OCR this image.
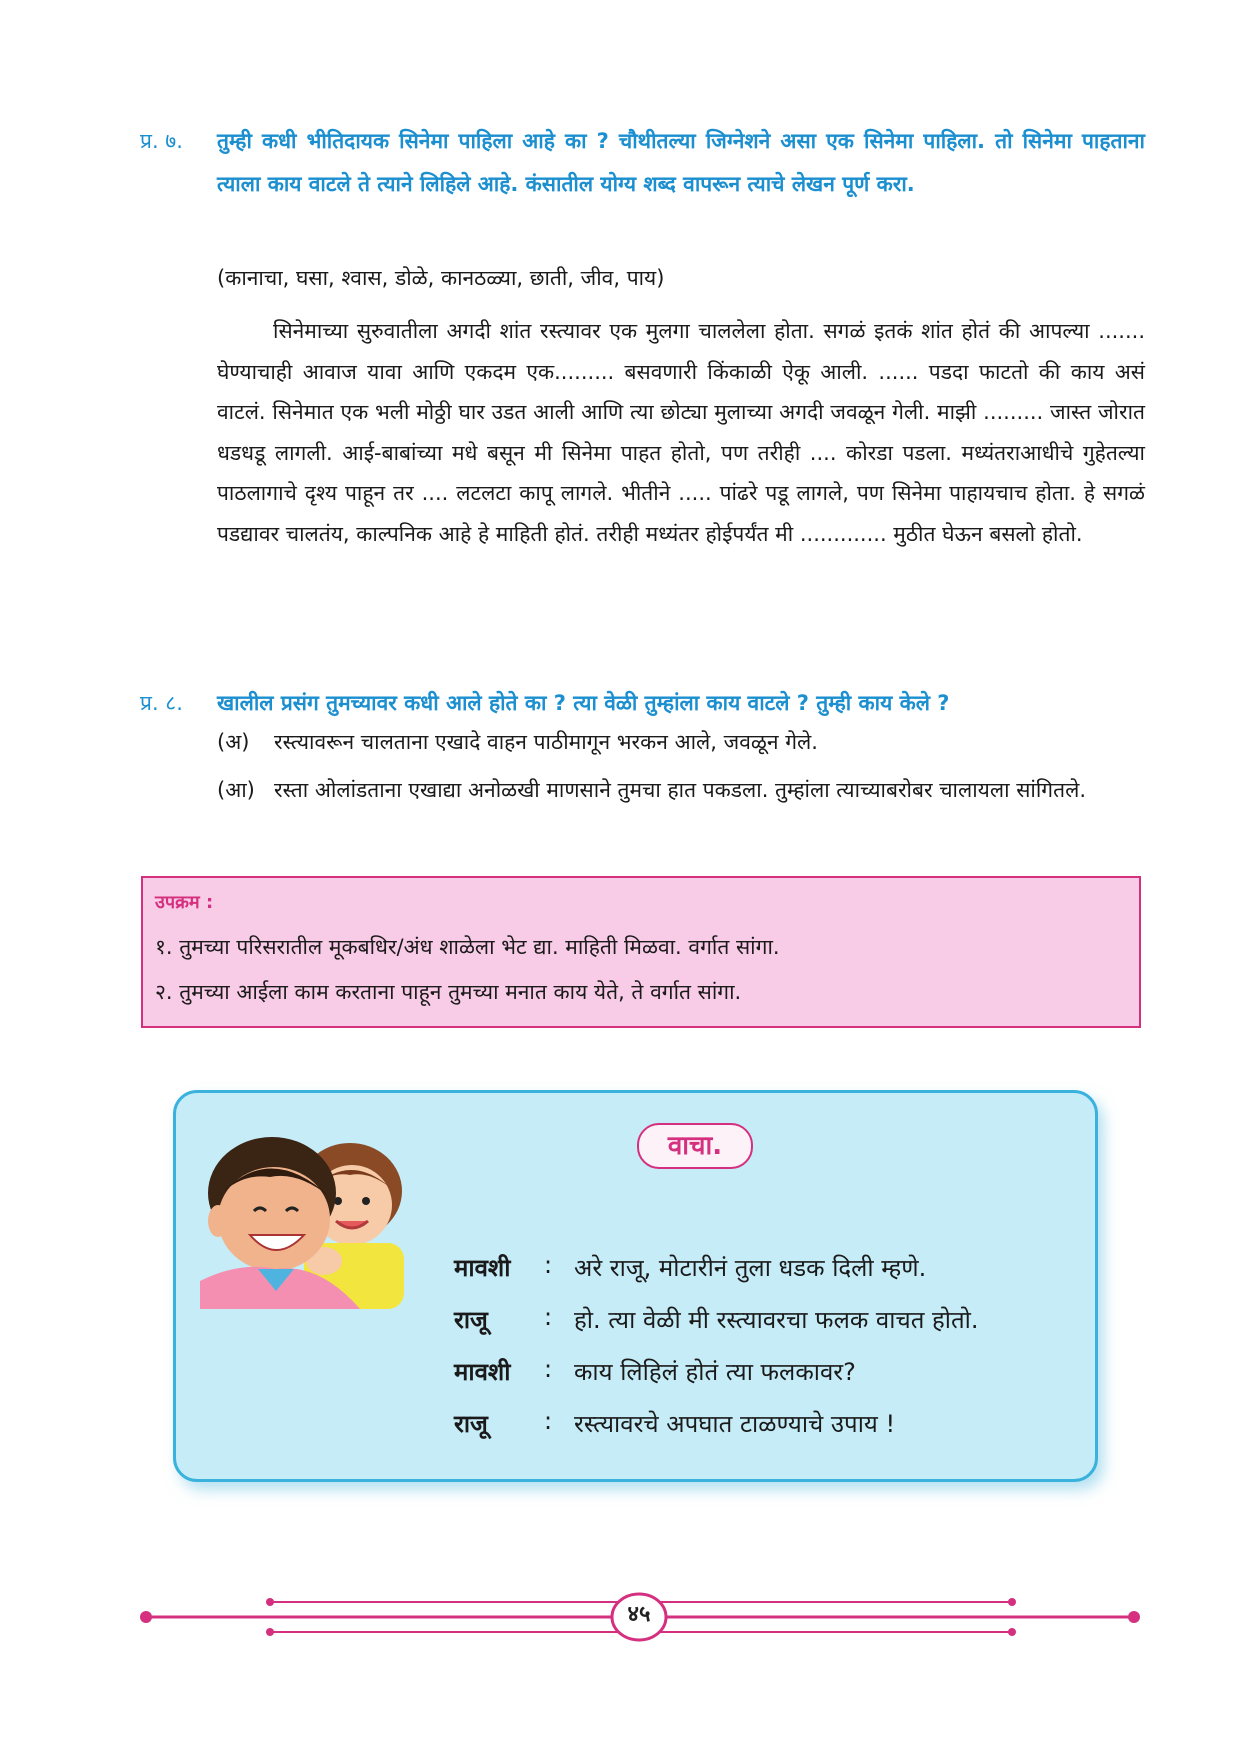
प्र. ७.	तुम्ही कधी भीतिदायक सिनेमा पाहिला आहे का ? चौथीतल्या जिग्नेशने असा एक सिनेमा पाहिला. तो सिनेमा पाहताना त्याला काय वाटले ते त्याने लिहिले आहे. कंसातील योग्य शब्द वापरून त्याचे लेखन पूर्ण करा.
(कानाचा, घसा, श्वास, डोळे, कानठळ्या, छाती, जीव, पाय)
सिनेमाच्या सुरुवातीला अगदी शांत रस्त्यावर एक मुलगा चाललेला होता. सगळं इतकं शांत होतं की आपल्या ....... घेण्याचाही आवाज यावा आणि एकदम एक......... बसवणारी किंकाळी ऐकू आली. ...... पडदा फाटतो की काय असं वाटलं. सिनेमात एक भली मोठ्ठी घार उडत आली आणि त्या छोट्या मुलाच्या अगदी जवळून गेली. माझी ......... जास्त जोरात धडधडू लागली. आई-बाबांच्या मधे बसून मी सिनेमा पाहत होतो, पण तरीही .... कोरडा पडला. मध्यंतराआधीचे गुहेतल्या पाठलागाचे दृश्य पाहून तर .... लटलटा कापू लागले. भीतीने ..... पांढरे पडू लागले, पण सिनेमा पाहायचाच होता. हे सगळं पडद्यावर चालतंय, काल्पनिक आहे हे माहिती होतं. तरीही मध्यंतर होईपर्यंत मी ............. मुठीत घेऊन बसलो होतो.
प्र. ८.	खालील प्रसंग तुमच्यावर कधी आले होते का ? त्या वेळी तुम्हांला काय वाटले ? तुम्ही काय केले ?
(अ)	रस्त्यावरून चालताना एखादे वाहन पाठीमागून भरकन आले, जवळून गेले.
(आ) रस्ता ओलांडताना एखाद्या अनोळखी माणसाने तुमचा हात पकडला. तुम्हांला त्याच्याबरोबर चालायला सांगितले.
उपक्रम :
१. तुमच्या परिसरातील मूकबधिर/अंध शाळेला भेट द्या. माहिती मिळवा. वर्गात सांगा.
२. तुमच्या आईला काम करताना पाहून तुमच्या मनात काय येते, ते वर्गात सांगा.
वाचा.
मावशी	: अरे राजू, मोटारीनं तुला धडक दिली म्हणे.
राजू	: हो. त्या वेळी मी रस्त्यावरचा फलक वाचत होतो.
मावशी	: काय लिहिलं होतं त्या फलकावर?
राजू	: रस्त्यावरचे अपघात टाळण्याचे उपाय !
४५
